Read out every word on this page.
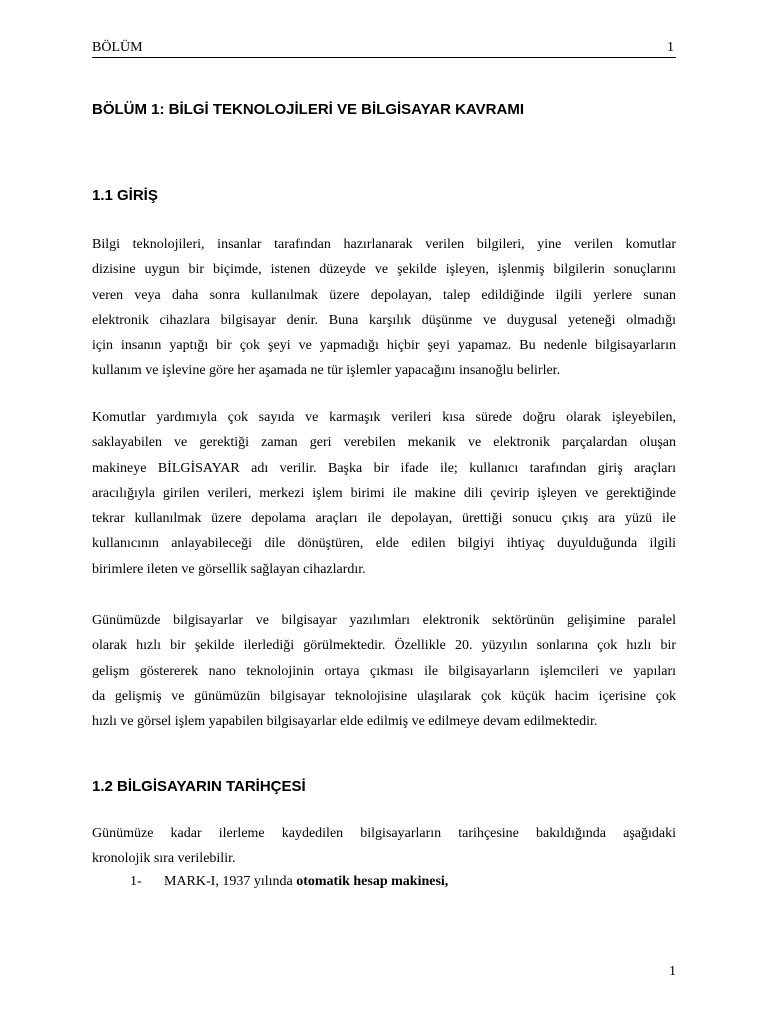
BÖLÜM	1
BÖLÜM 1: BİLGİ TEKNOLOJİLERİ VE BİLGİSAYAR KAVRAMI
1.1 GİRİŞ
Bilgi teknolojileri, insanlar tarafından hazırlanarak verilen bilgileri, yine verilen komutlar
dizisine uygun bir biçimde, istenen düzeyde ve şekilde işleyen, işlenmiş bilgilerin sonuçlarını
veren veya daha sonra kullanılmak üzere depolayan, talep edildiğinde ilgili yerlere sunan
elektronik cihazlara bilgisayar denir. Buna karşılık düşünme ve duygusal yeteneği olmadığı
için insanın yaptığı bir çok şeyi ve yapmadığı hiçbir şeyi yapamaz. Bu nedenle bilgisayarların
kullanım ve işlevine göre her aşamada ne tür işlemler yapacağını insanoğlu belirler.
Komutlar yardımıyla çok sayıda ve karmaşık verileri kısa sürede doğru olarak işleyebilen,
saklayabilen ve gerektiği zaman geri verebilen mekanik ve elektronik parçalardan oluşan
makineye BİLGİSAYAR adı verilir. Başka bir ifade ile; kullanıcı tarafından giriş araçları
aracılığıyla girilen verileri, merkezi işlem birimi ile makine dili çevirip işleyen ve gerektiğinde
tekrar kullanılmak üzere depolama araçları ile depolayan, ürettiği sonucu çıkış ara yüzü ile
kullanıcının anlayabileceği dile dönüştüren, elde edilen bilgiyi ihtiyaç duyulduğunda ilgili
birimlere ileten ve görsellik sağlayan cihazlardır.
Günümüzde bilgisayarlar ve bilgisayar yazılımları elektronik sektörünün gelişimine paralel
olarak hızlı bir şekilde ilerlediği görülmektedir. Özellikle 20. yüzyılın sonlarına çok hızlı bir
gelişm göstererek nano teknolojinin ortaya çıkması ile bilgisayarların işlemcileri ve yapıları
da gelişmiş ve günümüzün bilgisayar teknolojisine ulaşılarak çok küçük hacim içerisine çok
hızlı ve görsel işlem yapabilen bilgisayarlar elde edilmiş ve edilmeye devam edilmektedir.
1.2 BİLGİSAYARIN TARİHÇESİ
Günümüze kadar ilerleme kaydedilen bilgisayarların tarihçesine bakıldığında aşağıdaki
kronolojik sıra verilebilir.

1- MARK-I, 1937 yılında otomatik hesap makinesi,

1
